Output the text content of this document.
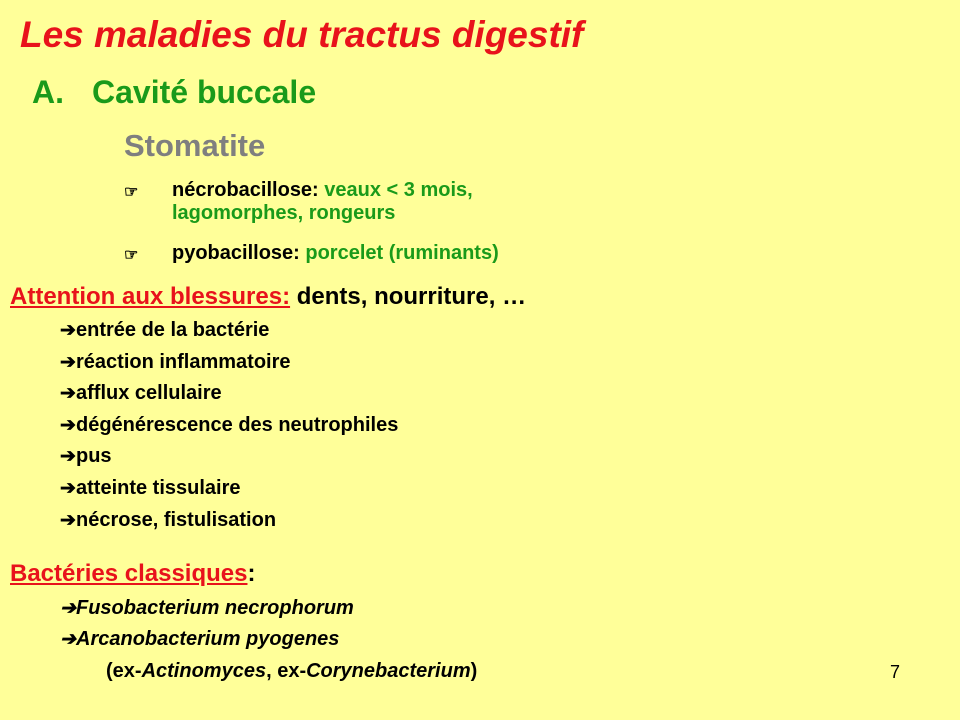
Les maladies du tractus digestif
A. Cavité buccale
Stomatite
☞ nécrobacillose: veaux < 3 mois,
lagomorphes, rongeurs
☞ pyobacillose: porcelet (ruminants)
Attention aux blessures: dents, nourriture, …
➔entrée de la bactérie
➔réaction inflammatoire
➔afflux cellulaire
➔dégénérescence des neutrophiles
➔pus
➔atteinte tissulaire
➔nécrose, fistulisation
Bactéries classiques:
➔Fusobacterium necrophorum
➔Arcanobacterium pyogenes
(ex-Actinomyces, ex-Corynebacterium)	7
